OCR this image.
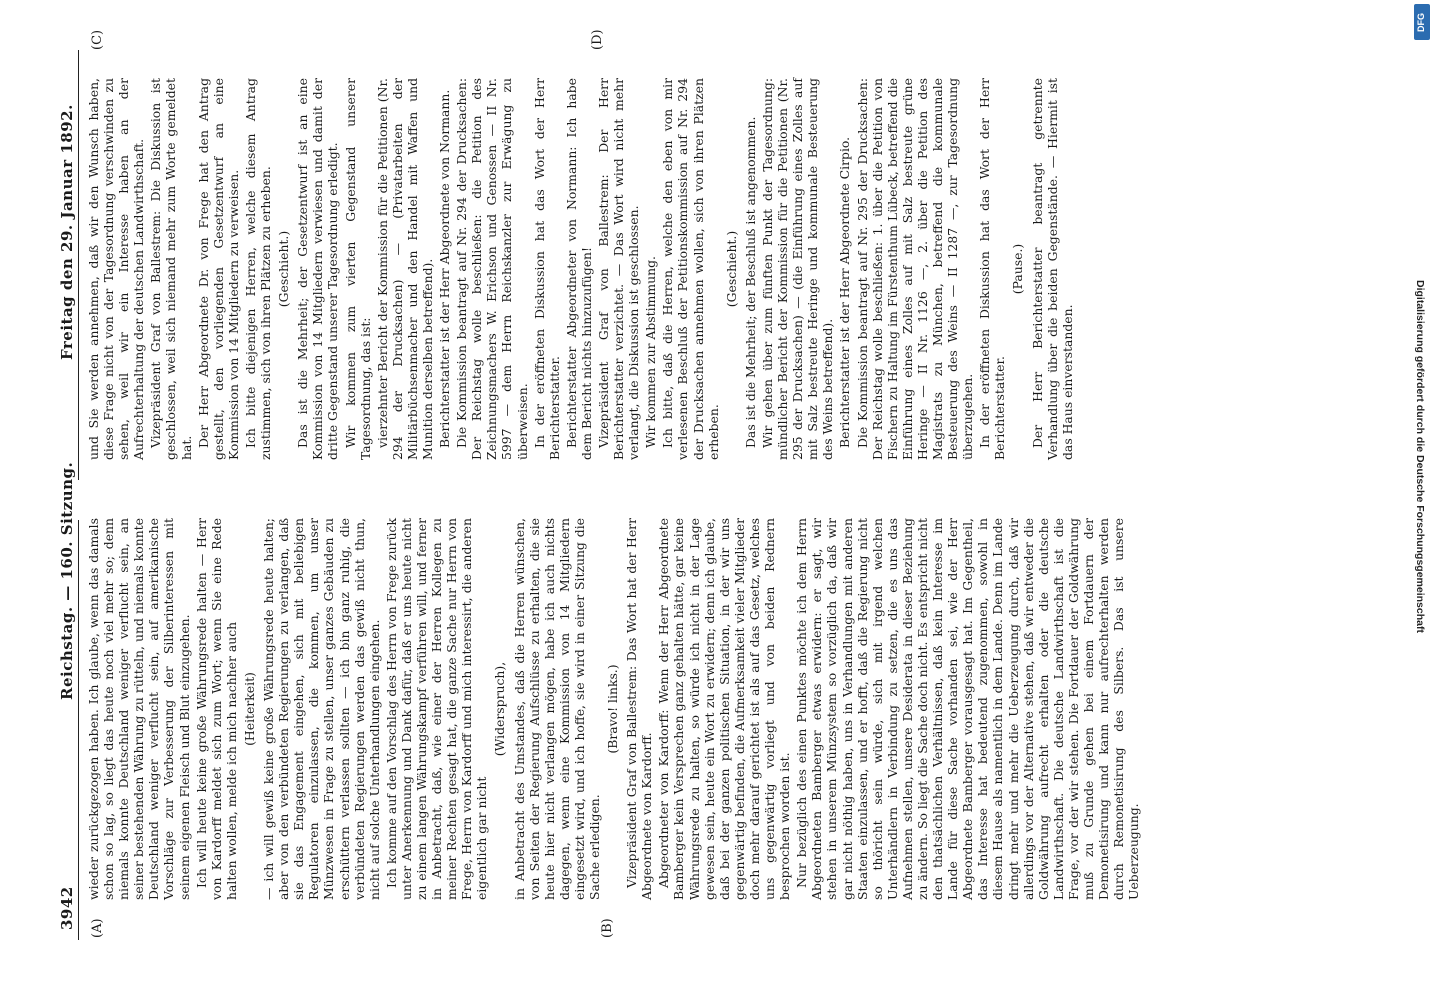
3942
Reichstag. — 160. Sitzung.
Freitag den 29. Januar 1892.
(A)	(B)
(C)	(D)

wieder zurückgezogen haben. Ich glaube, wenn das damals schon so lag, so liegt das heute noch viel mehr so; denn niemals konnte Deutschland weniger verflucht sein, an seiner bestehenden Währung zu rütteln, und niemals konnte Deutschland weniger verflucht sein, auf amerikanische Vorschläge zur Verbesserung der Silberinteressen mit seinem eigenen Fleisch und Blut einzugehen. Ich will heute keine große Währungsrede halten — Herr von Kardorff meldet sich zum Wort; wenn Sie eine Rede halten wollen, melde ich mich nachher auch (Heiterkeit) — ich will gewiß keine große Währungsrede heute halten; aber von den verbündeten Regierungen zu verlangen, daß sie das Engagement eingehen, sich mit beliebigen Regulatoren einzulassen, die kommen, um unser Münzwesen in Frage zu stellen, unser ganzes Gebäuden zu erschüttern verlassen sollten — ich bin ganz ruhig, die verbündeten Regierungen werden das gewiß nicht thun, nicht auf solche Unterhandlungen eingehen. Ich komme auf den Vorschlag des Herrn von Frege zurück unter Anerkennung und Dank dafür, daß er uns heute nicht zu einem langen Währungskampf verführen will, und ferner in Anbetracht, daß, wie einer der Herren Kollegen zu meiner Rechten gesagt hat, die ganze Sache nur Herrn von Frege, Herrn von Kardorff und mich interessirt, die anderen eigentlich gar nicht

(Widerspruch), in Anbetracht des Umstandes, daß die Herren wünschen, von Seiten der Regierung Aufschlüsse zu erhalten, die sie heute hier nicht verlangen mögen, habe ich auch nichts dagegen, wenn eine Kommission von 14 Mitgliedern eingesetzt wird, und ich hoffe, sie wird in einer Sitzung die Sache erledigen.

(Bravo! links.) Vizepräsident Graf von Ballestrem: Das Wort hat der Herr Abgeordnete von Kardorff. Abgeordneter von Kardorff: Wenn der Herr Abgeordnete Bamberger kein Versprechen ganz gehalten hätte, gar keine Währungsrede zu halten, so würde ich nicht in der Lage gewesen sein, heute ein Wort zu erwidern; denn ich glaube, daß bei der ganzen politischen Situation, in der wir uns gegenwärtig befinden, die Aufmerksamkeit vieler Mitglieder doch mehr darauf gerichtet ist als auf das Gesetz, welches uns gegenwärtig vorliegt und von beiden Rednern besprochen worden ist. Nur bezüglich des einen Punktes möchte ich dem Herrn Abgeordneten Bamberger etwas erwidern: er sagt, wir stehen in unserem Münzsystem so vorzüglich da, daß wir gar nicht nöthig haben, uns in Verhandlungen mit anderen Staaten einzulassen, und er hofft, daß die Regierung nicht so thöricht sein würde, sich mit irgend welchen Unterhändlern in Verbindung zu setzen, die es uns das Aufnehmen stellen, unsere Desiderata in dieser Beziehung zu ändern. So liegt die Sache doch nicht. Es entspricht nicht den thatsächlichen Verhältnissen, daß kein Interesse im Lande für diese Sache vorhanden sei, wie der Herr Abgeordnete Bamberger vorausgesagt hat. Im Gegentheil, das Interesse hat bedeutend zugenommen, sowohl in diesem Hause als namentlich in dem Lande. Denn im Lande dringt mehr und mehr die Ueberzeugung durch, daß wir allerdings vor der Alternative stehen, daß wir entweder die Goldwährung aufrecht erhalten oder die deutsche Landwirthschaft. Die deutsche Landwirthschaft ist die Frage, vor der wir stehen. Die Fortdauer der Goldwährung muß zu Grunde gehen bei einem Fortdauern der Demonetisirung und kann nur aufrechterhalten werden durch Remonetisirung des Silbers. Das ist unsere Ueberzeugung.

und Sie werden annehmen, daß wir den Wunsch haben, diese Frage nicht von der Tagesordnung verschwinden zu sehen, weil wir ein Interesse haben an der Aufrechterhaltung der deutschen Landwirthschaft. Vizepräsident Graf von Ballestrem: Die Diskussion ist geschlossen, weil sich niemand mehr zum Worte gemeldet hat. Der Herr Abgeordnete Dr. von Frege hat den Antrag gestellt, den vorliegenden Gesetzentwurf an eine Kommission von 14 Mitgliedern zu verweisen. Ich bitte diejenigen Herren, welche diesem Antrag zustimmen, sich von ihren Plätzen zu erheben. (Geschieht.) Das ist die Mehrheit; der Gesetzentwurf ist an eine Kommission von 14 Mitgliedern verwiesen und damit der dritte Gegenstand unserer Tagesordnung erledigt. Wir kommen zum vierten Gegenstand unserer Tagesordnung, das ist: vierzehnter Bericht der Kommission für die Petitionen (Nr. 294 der Drucksachen) — (Privatarbeiten der Militärbüchsenmacher und den Handel mit Waffen und Munition derselben betreffend). Berichterstatter ist der Herr Abgeordnete von Normann. Die Kommission beantragt auf Nr. 294 der Drucksachen: Der Reichstag wolle beschließen: die Petition des Zeichnungsmachers W. Erichson und Genossen — II Nr. 5997 — dem Herrn Reichskanzler zur Erwägung zu überweisen. In der eröffneten Diskussion hat das Wort der Herr Berichterstatter. Berichterstatter Abgeordneter von Normann: Ich habe dem Bericht nichts hinzuzufügen! Vizepräsident Graf von Ballestrem: Der Herr Berichterstatter verzichtet. — Das Wort wird nicht mehr verlangt, die Diskussion ist geschlossen. Wir kommen zur Abstimmung. Ich bitte, daß die Herren, welche den eben von mir verlesenen Beschluß der Petitionskommission auf Nr. 294 der Drucksachen annehmen wollen, sich von ihren Plätzen erheben.

(Geschieht.) Das ist die Mehrheit; der Beschluß ist angenommen. Wir gehen über zum fünften Punkt der Tagesordnung: mündlicher Bericht der Kommission für die Petitionen (Nr. 295 der Drucksachen) — (die Einführung eines Zolles auf mit Salz bestreute Heringe und kommunale Besteuerung des Weins betreffend). Berichterstatter ist der Herr Abgeordnete Cirpio. Die Kommission beantragt auf Nr. 295 der Drucksachen: Der Reichstag wolle beschließen: 1. über die Petition von Fischern zu Haltung im Fürstenthum Lübeck, betreffend die Einführung eines Zolles auf mit Salz bestreute grüne Heringe — II Nr. 1126 —, 2. über die Petition des Magistrats zu München, betreffend die kommunale Besteuerung des Weins — II 1287 —, zur Tagesordnung überzugehen. In der eröffneten Diskussion hat das Wort der Herr Berichterstatter.

(Pause.) Der Herr Berichterstatter beantragt getrennte Verhandlung über die beiden Gegenstände. — Hiermit ist das Haus einverstanden.

DFG
Digitalisierung gefördert durch die Deutsche Forschungsgemeinschaft
